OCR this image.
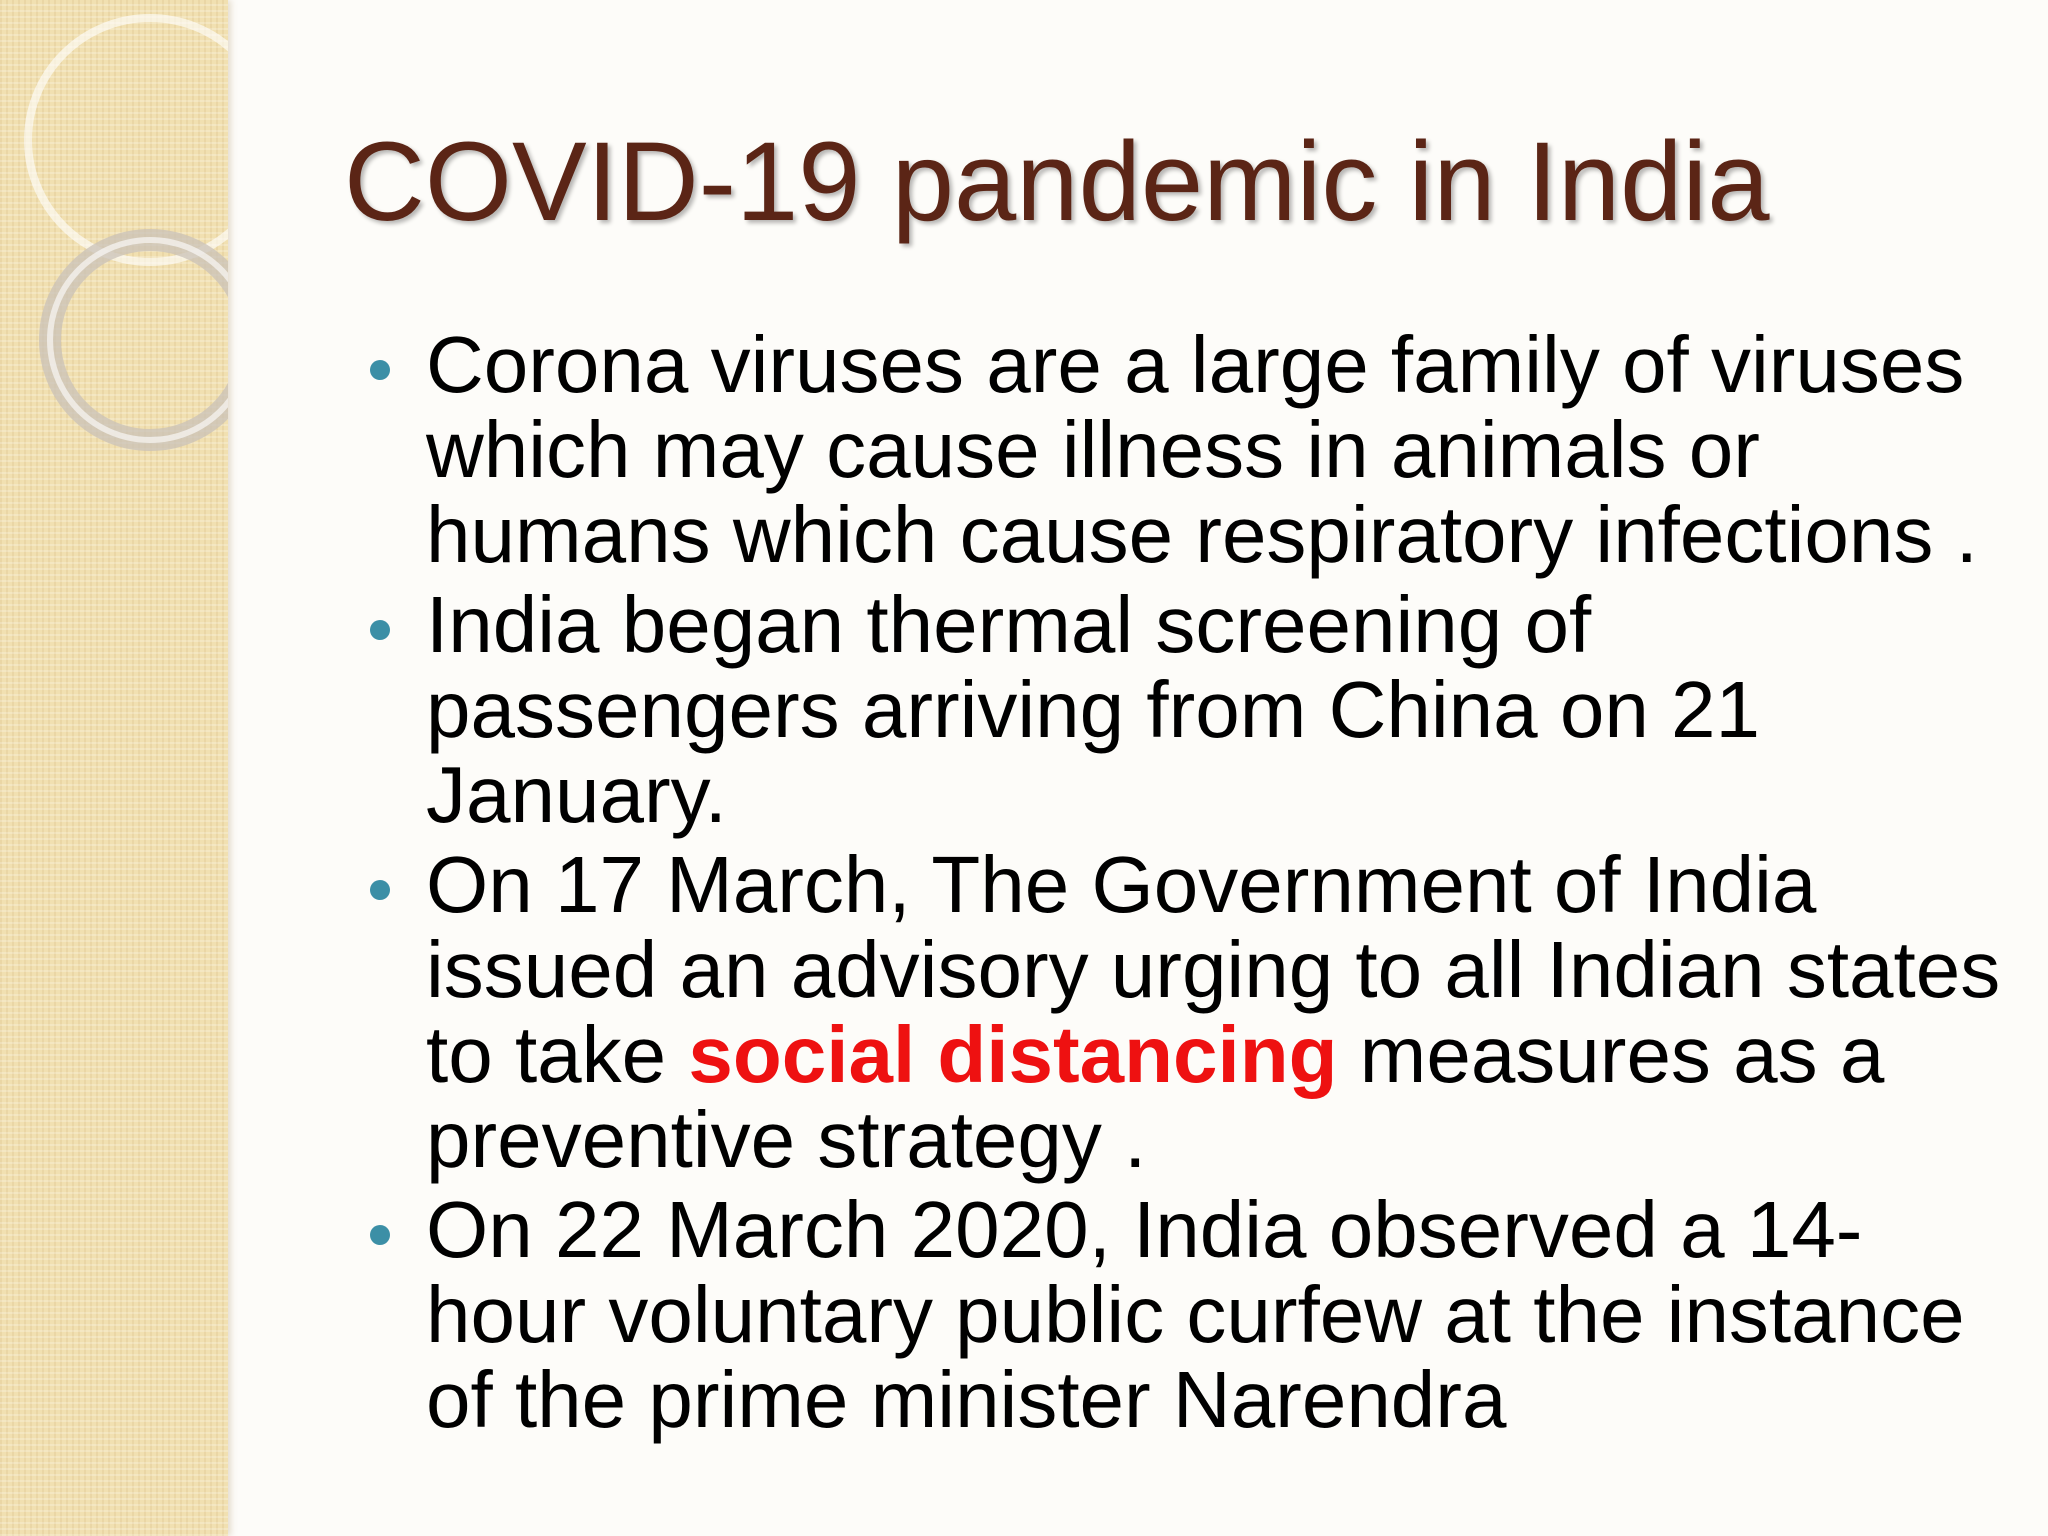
COVID-19 pandemic in India
Corona viruses are a large family of viruses which may cause illness in animals or humans which cause respiratory infections .
India began thermal screening of passengers arriving from China on 21 January.
On 17 March, The Government of India issued an advisory urging to all Indian states to take social distancing measures as a preventive strategy .
On 22 March 2020, India observed a 14-hour voluntary public curfew at the instance of the prime minister Narendra
